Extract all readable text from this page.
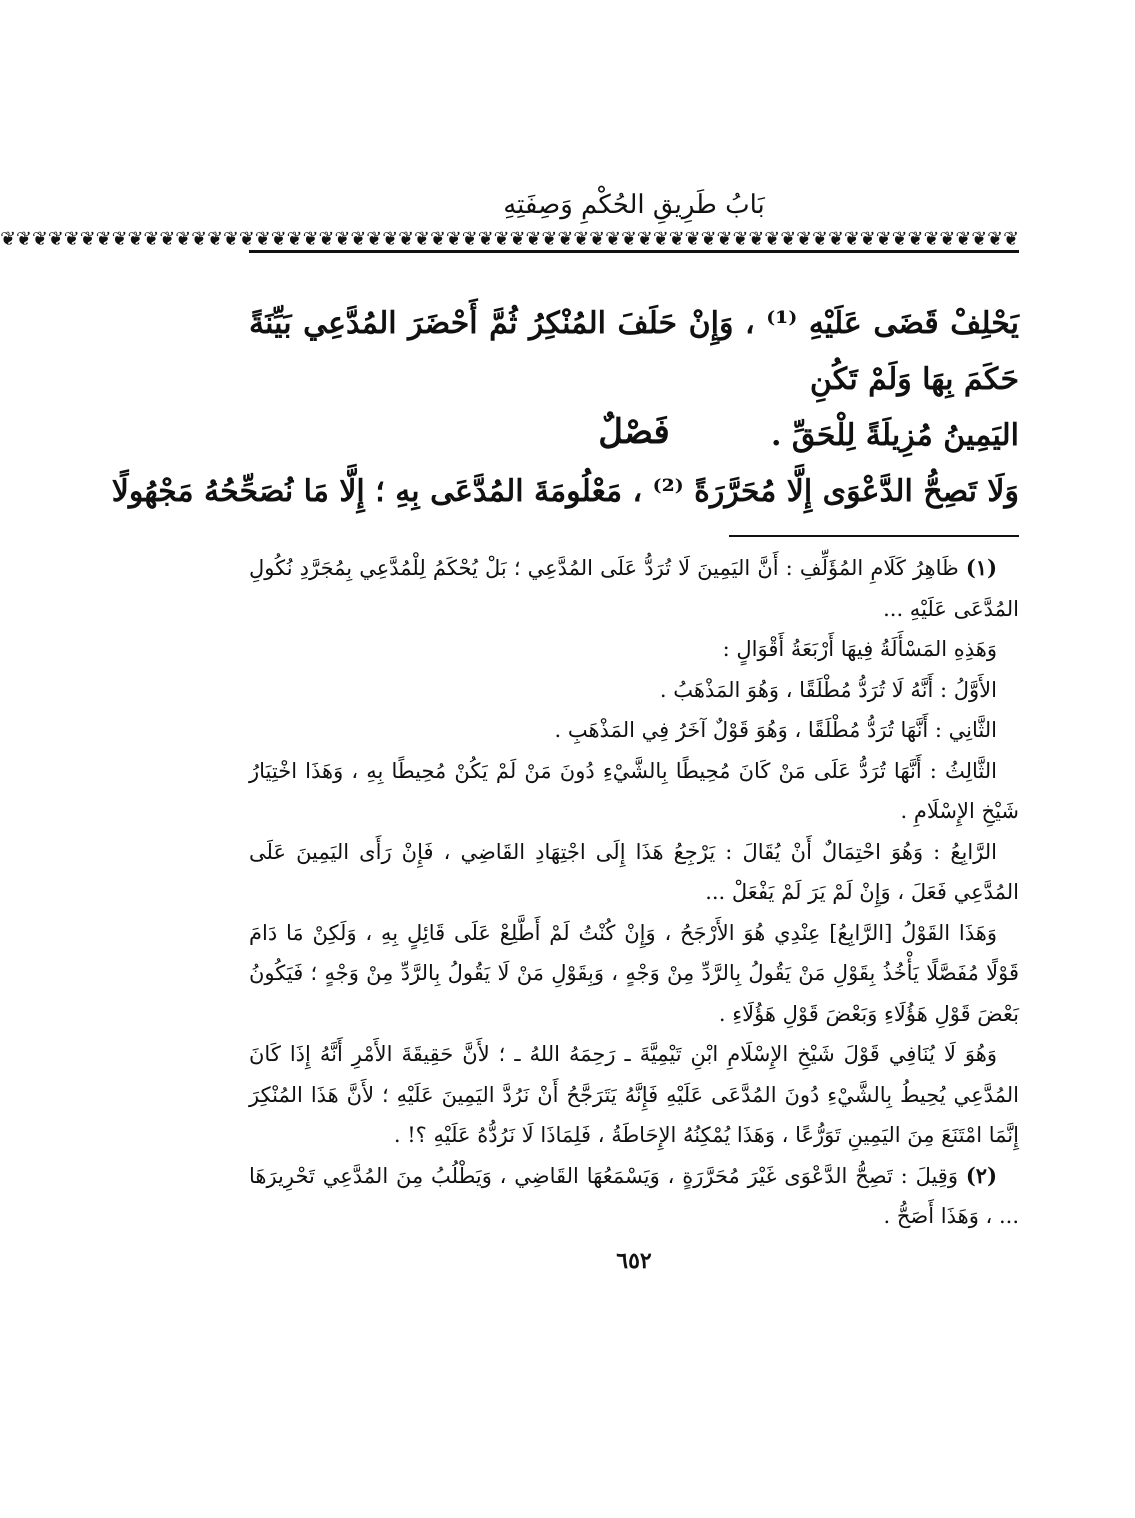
بَابُ طَرِيقِ الحُكْمِ وَصِفَتِهِ
❦❦❦❦❦❦❦❦❦❦❦❦❦❦❦❦❦❦❦❦❦❦❦❦❦❦❦❦❦❦❦❦❦❦❦❦❦❦❦❦❦❦❦❦❦❦❦❦❦❦❦❦❦❦❦❦❦❦❦❦❦❦❦❦

يَحْلِفْ قَضَى عَلَيْهِ ⁽¹⁾ ، وَإِنْ حَلَفَ المُنْكِرُ ثُمَّ أَحْضَرَ المُدَّعِي بَيِّنَةً حَكَمَ بِهَا وَلَمْ تَكُنِ

اليَمِينُ مُزِيلَةً لِلْحَقِّ .

فَصْلٌ
وَلَا تَصِحُّ الدَّعْوَى إِلَّا مُحَرَّرَةً ⁽²⁾ ، مَعْلُومَةَ المُدَّعَى بِهِ ؛ إِلَّا مَا نُصَحِّحُهُ مَجْهُولًا

(١) ظَاهِرُ كَلَامِ المُؤَلِّفِ : أَنَّ اليَمِينَ لَا تُرَدُّ عَلَى المُدَّعِي ؛ بَلْ يُحْكَمُ لِلْمُدَّعِي بِمُجَرَّدِ نُكُولِ المُدَّعَى عَلَيْهِ ...

وَهَذِهِ المَسْأَلَةُ فِيهَا أَرْبَعَةُ أَقْوَالٍ :

الأَوَّلُ : أَنَّهُ لَا تُرَدُّ مُطْلَقًا ، وَهُوَ المَذْهَبُ .

الثَّانِي : أَنَّهَا تُرَدُّ مُطْلَقًا ، وَهُوَ قَوْلٌ آخَرُ فِي المَذْهَبِ .

الثَّالِثُ : أَنَّهَا تُرَدُّ عَلَى مَنْ كَانَ مُحِيطًا بِالشَّيْءِ دُونَ مَنْ لَمْ يَكُنْ مُحِيطًا بِهِ ، وَهَذَا اخْتِيَارُ شَيْخِ الإِسْلَامِ .

الرَّابِعُ : وَهُوَ احْتِمَالٌ أَنْ يُقَالَ : يَرْجِعُ هَذَا إِلَى اجْتِهَادِ القَاضِي ، فَإِنْ رَأَى اليَمِينَ عَلَى المُدَّعِي فَعَلَ ، وَإِنْ لَمْ يَرَ لَمْ يَفْعَلْ ...

وَهَذَا القَوْلُ [الرَّابِعُ] عِنْدِي هُوَ الأَرْجَحُ ، وَإِنْ كُنْتُ لَمْ أَطَّلِعْ عَلَى قَائِلٍ بِهِ ، وَلَكِنْ مَا دَامَ قَوْلًا مُفَصَّلًا يَأْخُذُ بِقَوْلِ مَنْ يَقُولُ بِالرَّدِّ مِنْ وَجْهٍ ، وَبِقَوْلِ مَنْ لَا يَقُولُ بِالرَّدِّ مِنْ وَجْهٍ ؛ فَيَكُونُ بَعْضَ قَوْلِ هَؤُلَاءِ وَبَعْضَ قَوْلِ هَؤُلَاءِ .

وَهُوَ لَا يُنَافِي قَوْلَ شَيْخِ الإِسْلَامِ ابْنِ تَيْمِيَّةَ ـ رَحِمَهُ اللهُ ـ ؛ لأَنَّ حَقِيقَةَ الأَمْرِ أَنَّهُ إِذَا كَانَ المُدَّعِي يُحِيطُ بِالشَّيْءِ دُونَ المُدَّعَى عَلَيْهِ فَإِنَّهُ يَتَرَجَّحُ أَنْ نَرُدَّ اليَمِينَ عَلَيْهِ ؛ لأَنَّ هَذَا المُنْكِرَ إِنَّمَا امْتَنَعَ مِنَ اليَمِينِ تَوَرُّعًا ، وَهَذَا يُمْكِنُهُ الإِحَاطَةُ ، فَلِمَاذَا لَا نَرُدُّهُ عَلَيْهِ ؟! .

(٢) وَقِيلَ : تَصِحُّ الدَّعْوَى غَيْرَ مُحَرَّرَةٍ ، وَيَسْمَعُهَا القَاضِي ، وَيَطْلُبُ مِنَ المُدَّعِي تَحْرِيرَهَا ... ، وَهَذَا أَصَحُّ .

٦٥٢
